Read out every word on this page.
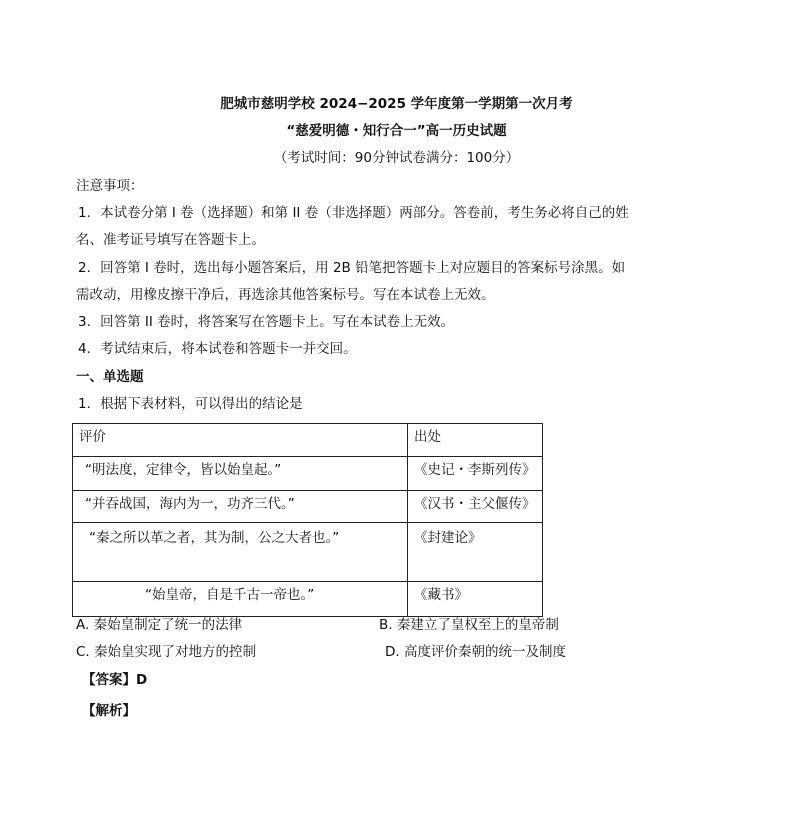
肥城市慈明学校 2024−2025 学年度第一学期第一次月考
“慈爱明德・知行合一”高一历史试题
（考试时间：90分钟试卷满分：100分）
注意事项：
1．本试卷分第 I 卷（选择题）和第 II 卷（非选择题）两部分。答卷前，考生务必将自己的姓
名、准考证号填写在答题卡上。
2．回答第 I 卷时，选出每小题答案后，用 2B 铅笔把答题卡上对应题目的答案标号涂黑。如
需改动，用橡皮擦干净后，再选涂其他答案标号。写在本试卷上无效。
3．回答第 II 卷时，将答案写在答题卡上。写在本试卷上无效。
4．考试结束后，将本试卷和答题卡一并交回。
一、单选题
1．根据下表材料，可以得出的结论是
评价	出处
“明法度，定律令，皆以始皇起。”	《史记・李斯列传》
“并吞战国，海内为一，功齐三代。”	《汉书・主父偃传》
“秦之所以革之者，其为制，公之大者也。”	《封建论》
“始皇帝，自是千古一帝也。”	《藏书》
A. 秦始皇制定了统一的法律	B. 秦建立了皇权至上的皇帝制
C. 秦始皇实现了对地方的控制	D. 高度评价秦朝的统一及制度
【答案】D
【解析】
